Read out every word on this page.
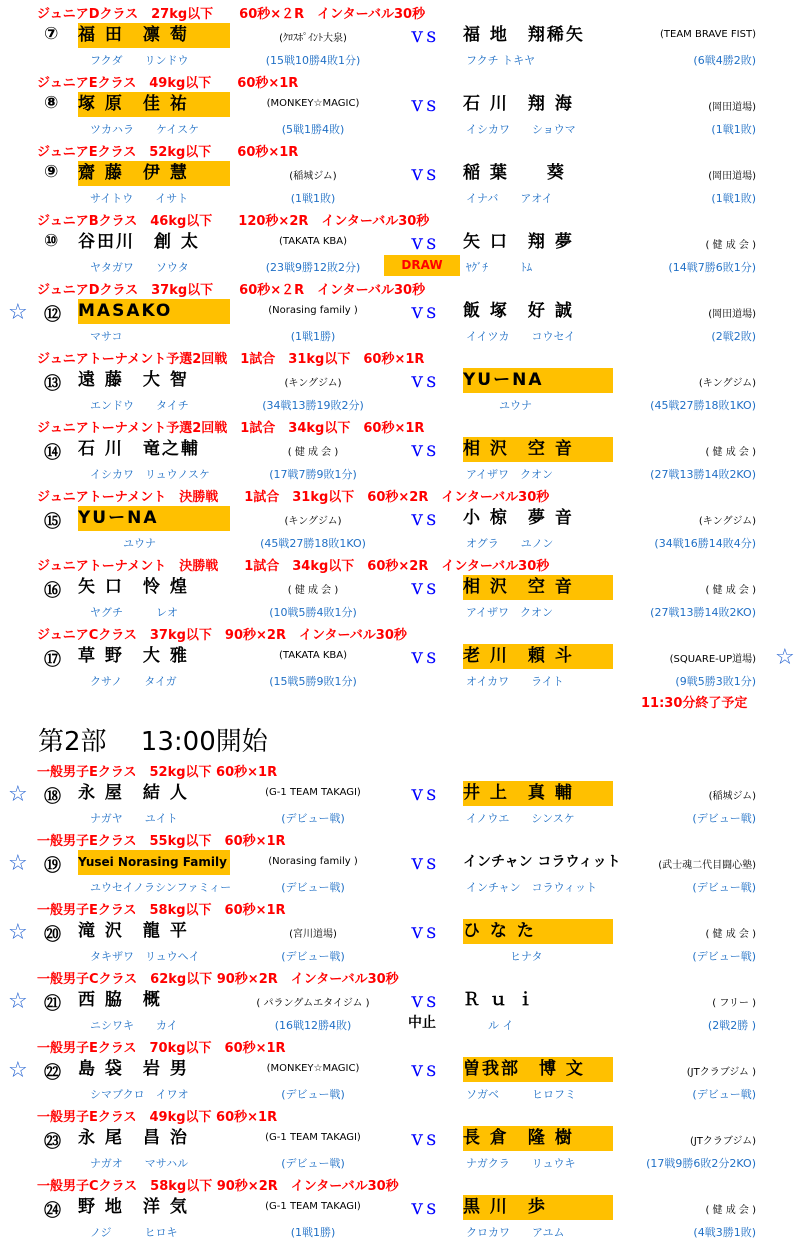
ジュニアDクラス　27kg以下　　60秒×２R　インターバル30秒
⑦ 福 田　凛 萄	(ｸﾛｽﾎﾟｲﾝﾄ大泉)	ＶＳ	福 地　翔稀矢	(TEAM BRAVE FIST)
フクダ　　リンドウ	(15戦10勝4敗1分)	フクチ トキヤ	(6戦4勝2敗)
ジュニアEクラス　49kg以下　　60秒×1R
⑧ 塚 原　佳 祐	(MONKEY☆MAGIC)	ＶＳ	石 川　翔 海	(岡田道場)
ツカハラ　　ケイスケ	(5戦1勝4敗)	イシカワ　　ショウマ	(1戦1敗)
ジュニアEクラス　52kg以下　　60秒×1R
⑨ 齋 藤　伊 慧	(稲城ジム)	ＶＳ	稲 葉　　葵	(岡田道場)
サイトウ　　イサト	(1戦1敗)	イナバ　　アオイ	(1戦1敗)
ジュニアBクラス　46kg以下　　120秒×2R　インターバル30秒
⑩ 谷田川　創 太	(TAKATA KBA)	ＶＳ	矢 口　翔 夢	( 健 成 会 )
ヤタガワ　　ソウタ	(23戦9勝12敗2分)	ﾔｸﾞﾁ　　　ﾄﾑ	(14戦7勝6敗1分)
DRAW
ジュニアDクラス　37kg以下　　60秒×２R　インターバル30秒
⑫ MASAKO	(Norasing family )	ＶＳ	飯 塚　好 誠	(岡田道場)
マサコ	(1戦1勝)	イイツカ　　コウセイ	(2戦2敗)
☆
ジュニアトーナメント予選2回戦　1試合　31kg以下　60秒×1R
⑬ 遠 藤　大 智	(キングジム)	ＶＳ	YUーNA	(キングジム)
エンドウ　　タイチ	(34戦13勝19敗2分)	　　　ユウナ	(45戦27勝18敗1KO)
ジュニアトーナメント予選2回戦　1試合　34kg以下　60秒×1R
⑭ 石 川　竜之輔	( 健 成 会 )	ＶＳ	相 沢　空 音	( 健 成 会 )
イシカワ　リュウノスケ	(17戦7勝9敗1分)	アイザワ　クオン	(27戦13勝14敗2KO)
ジュニアトーナメント　決勝戦　　1試合　31kg以下　60秒×2R　インターバル30秒
⑮ YUーNA	(キングジム)	ＶＳ	小 椋　夢 音	(キングジム)
　　　ユウナ	(45戦27勝18敗1KO)	オグラ　　ユノン	(34戦16勝14敗4分)
ジュニアトーナメント　決勝戦　　1試合　34kg以下　60秒×2R　インターバル30秒
⑯ 矢 口　怜 煌	( 健 成 会 )	ＶＳ	相 沢　空 音	( 健 成 会 )
ヤグチ　　　レオ	(10戦5勝4敗1分)	アイザワ　クオン	(27戦13勝14敗2KO)
ジュニアCクラス　37kg以下　90秒×2R　インターバル30秒
⑰ 草 野　大 雅	(TAKATA KBA)	ＶＳ	老 川　頼 斗	(SQUARE-UP道場)
クサノ　　タイガ	(15戦5勝9敗1分)	オイカワ　　ライト	(9戦5勝3敗1分)
☆
11:30分終了予定
第2部　 13:00開始
一般男子Eクラス　52kg以下 60秒×1R
⑱ 永 屋　結 人	(G-1 TEAM TAKAGI)	ＶＳ	井 上　真 輔	(稲城ジム)
ナガヤ　　ユイト	(デビュー戦)	イノウエ　　シンスケ	(デビュー戦)
☆
一般男子Eクラス　55kg以下　60秒×1R
⑲ Yusei Norasing Family	(Norasing family )	ＶＳ	インチャン コラウィット	(武士魂二代目闘心塾)
ユウセイノラシンファミィー	(デビュー戦)	インチャン　コラウィット	(デビュー戦)
☆
一般男子Eクラス　58kg以下　60秒×1R
⑳ 滝 沢　龍 平	(宮川道場)	ＶＳ	ひ な た	( 健 成 会 )
タキザワ　リュウヘイ	(デビュー戦)	　　　　ヒナタ	(デビュー戦)
☆
一般男子Cクラス　62kg以下 90秒×2R　インターバル30秒
㉑ 西 脇　概	( パラングムエタイジム )	ＶＳ	Ｒ ｕ ｉ	( フリー )
ニシワキ　　カイ	(16戦12勝4敗)	　　ル イ	(2戦2勝 )
中止
☆
一般男子Eクラス　70kg以下　60秒×1R
㉒ 島 袋　岩 男	(MONKEY☆MAGIC)	ＶＳ	曽我部　博 文	(JTクラブジム )
シマブクロ　イワオ	(デビュー戦)	ソガベ　　　ヒロフミ	(デビュー戦)
☆
一般男子Eクラス　49kg以下 60秒×1R
㉓ 永 尾　昌 治	(G-1 TEAM TAKAGI)	ＶＳ	長 倉　隆 樹	(JTクラブジム)
ナガオ　　マサハル	(デビュー戦)	ナガクラ　　リュウキ	(17戦9勝6敗2分2KO)
一般男子Cクラス　58kg以下 90秒×2R　インターバル30秒
㉔ 野 地　洋 気	(G-1 TEAM TAKAGI)	ＶＳ	黒 川　歩	( 健 成 会 )
ノジ　　　ヒロキ	(1戦1勝)	クロカワ　　アユム	(4戦3勝1敗)
